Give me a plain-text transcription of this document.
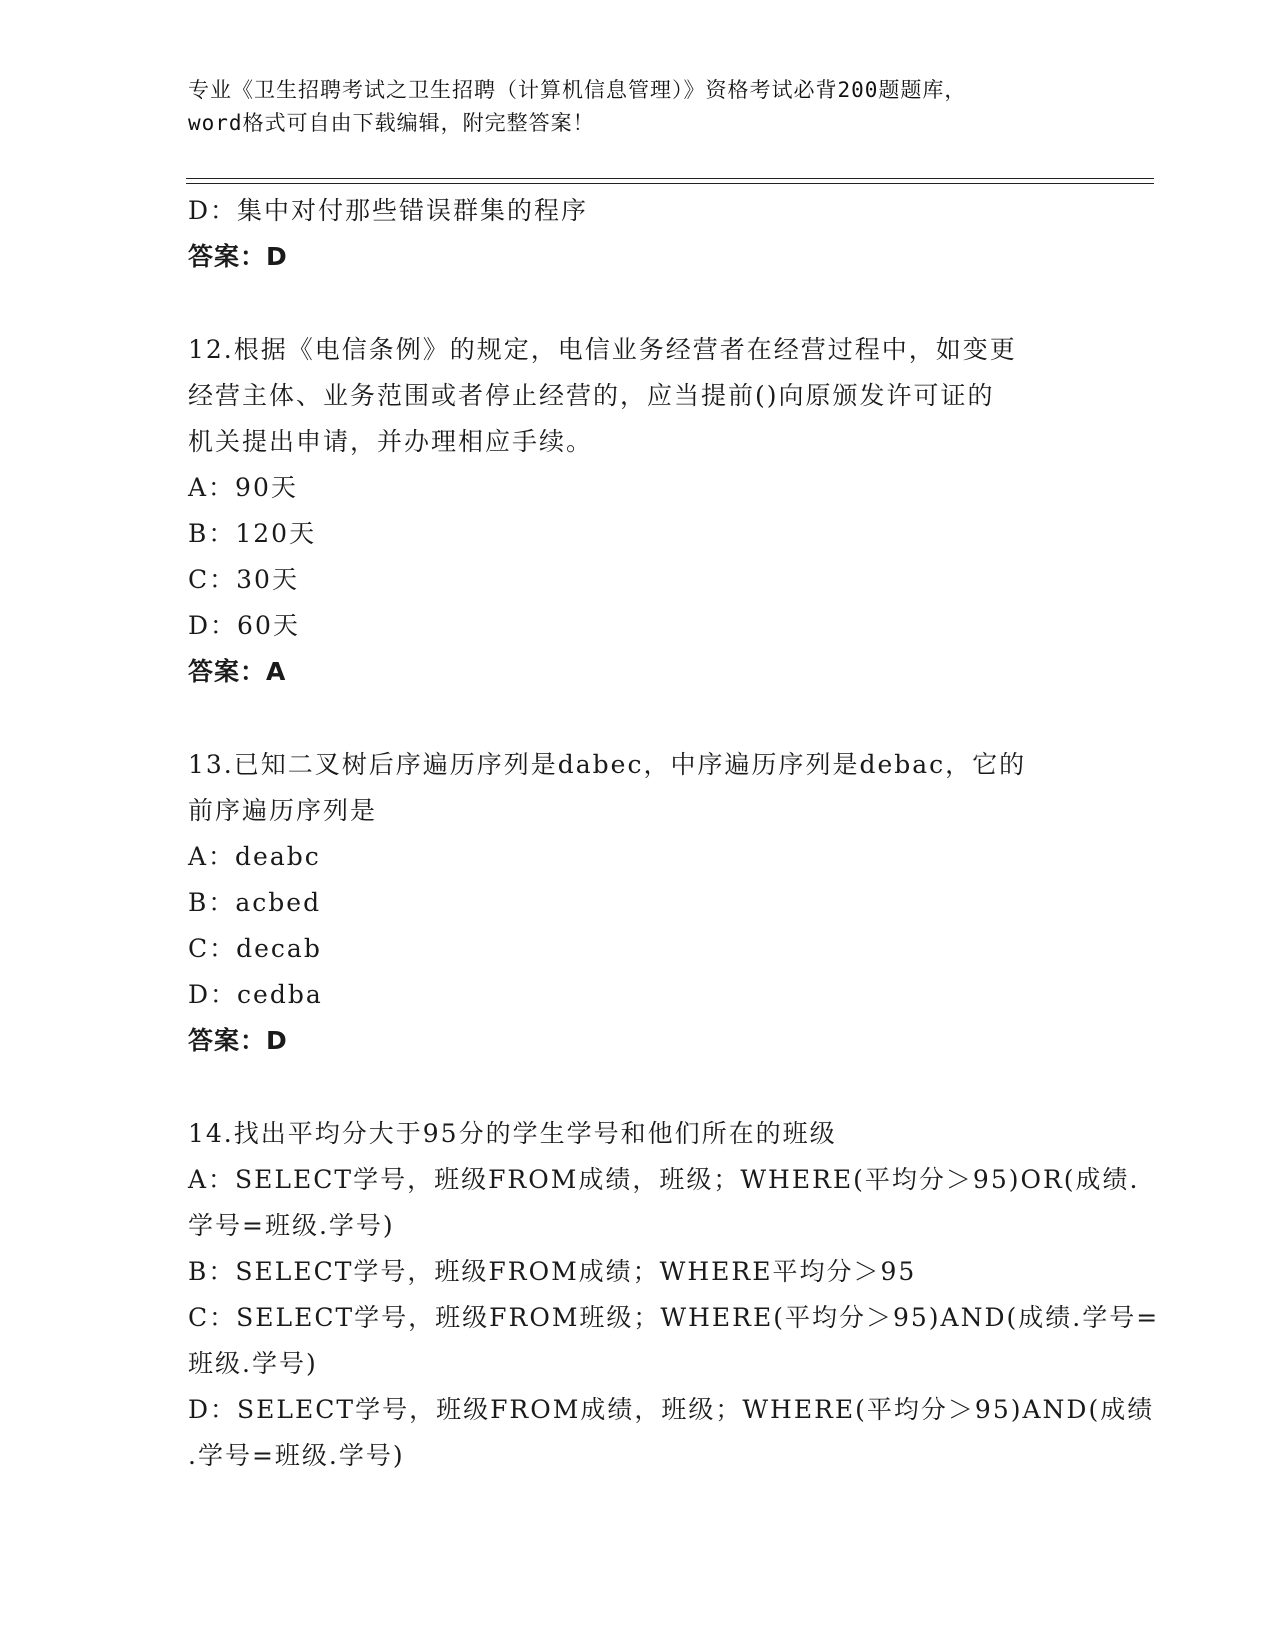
专业《卫生招聘考试之卫生招聘（计算机信息管理）》资格考试必背200题题库，
word格式可自由下载编辑，附完整答案！
D：集中对付那些错误群集的程序
答案：D
12.根据《电信条例》的规定，电信业务经营者在经营过程中，如变更
经营主体、业务范围或者停止经营的，应当提前()向原颁发许可证的
机关提出申请，并办理相应手续。
A：90天
B：120天
C：30天
D：60天
答案：A
13.已知二叉树后序遍历序列是dabec，中序遍历序列是debac，它的
前序遍历序列是
A：deabc
B：acbed
C：decab
D：cedba
答案：D
14.找出平均分大于95分的学生学号和他们所在的班级
A：SELECT学号，班级FROM成绩，班级；WHERE(平均分＞95)OR(成绩.
学号=班级.学号)
B：SELECT学号，班级FROM成绩；WHERE平均分＞95
C：SELECT学号，班级FROM班级；WHERE(平均分＞95)AND(成绩.学号=
班级.学号)
D：SELECT学号，班级FROM成绩，班级；WHERE(平均分＞95)AND(成绩
.学号=班级.学号)
